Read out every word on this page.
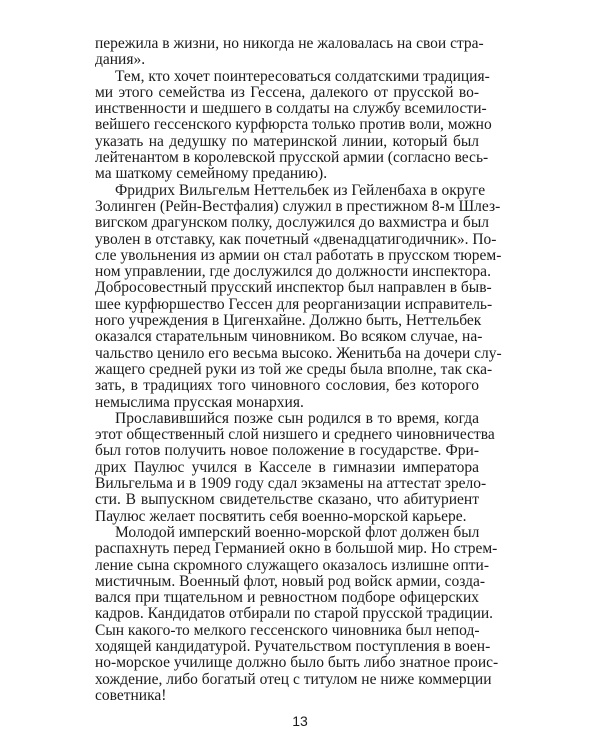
пережила в жизни, но никогда не жаловалась на свои стра-
дания».
Тем, кто хочет поинтересоваться солдатскими традиция-
ми этого семейства из Гессена, далекого от прусской во-
инственности и шедшего в солдаты на службу всемилости-
вейшего гессенского курфюрста только против воли, можно
указать на дедушку по материнской линии, который был
лейтенантом в королевской прусской армии (согласно весь-
ма шаткому семейному преданию).
Фридрих Вильгельм Неттельбек из Гейленбаха в округе
Золинген (Рейн-Вестфалия) служил в престижном 8-м Шлез-
вигском драгунском полку, дослужился до вахмистра и был
уволен в отставку, как почетный «двенадцатигодичник». По-
сле увольнения из армии он стал работать в прусском тюрем-
ном управлении, где дослужился до должности инспектора.
Добросовестный прусский инспектор был направлен в быв-
шее курфюршество Гессен для реорганизации исправитель-
ного учреждения в Цигенхайне. Должно быть, Неттельбек
оказался старательным чиновником. Во всяком случае, на-
чальство ценило его весьма высоко. Женитьба на дочери слу-
жащего средней руки из той же среды была вполне, так ска-
зать, в традициях того чиновного сословия, без которого
немыслима прусская монархия.
Прославившийся позже сын родился в то время, когда
этот общественный слой низшего и среднего чиновничества
был готов получить новое положение в государстве. Фри-
дрих Паулюс учился в Касселе в гимназии императора
Вильгельма и в 1909 году сдал экзамены на аттестат зрело-
сти. В выпускном свидетельстве сказано, что абитуриент
Паулюс желает посвятить себя военно-морской карьере.
Молодой имперский военно-морской флот должен был
распахнуть перед Германией окно в большой мир. Но стрем-
ление сына скромного служащего оказалось излишне опти-
мистичным. Военный флот, новый род войск армии, созда-
вался при тщательном и ревностном подборе офицерских
кадров. Кандидатов отбирали по старой прусской традиции.
Сын какого-то мелкого гессенского чиновника был непод-
ходящей кандидатурой. Ручательством поступления в воен-
но-морское училище должно было быть либо знатное проис-
хождение, либо богатый отец с титулом не ниже коммерции
советника!
13
